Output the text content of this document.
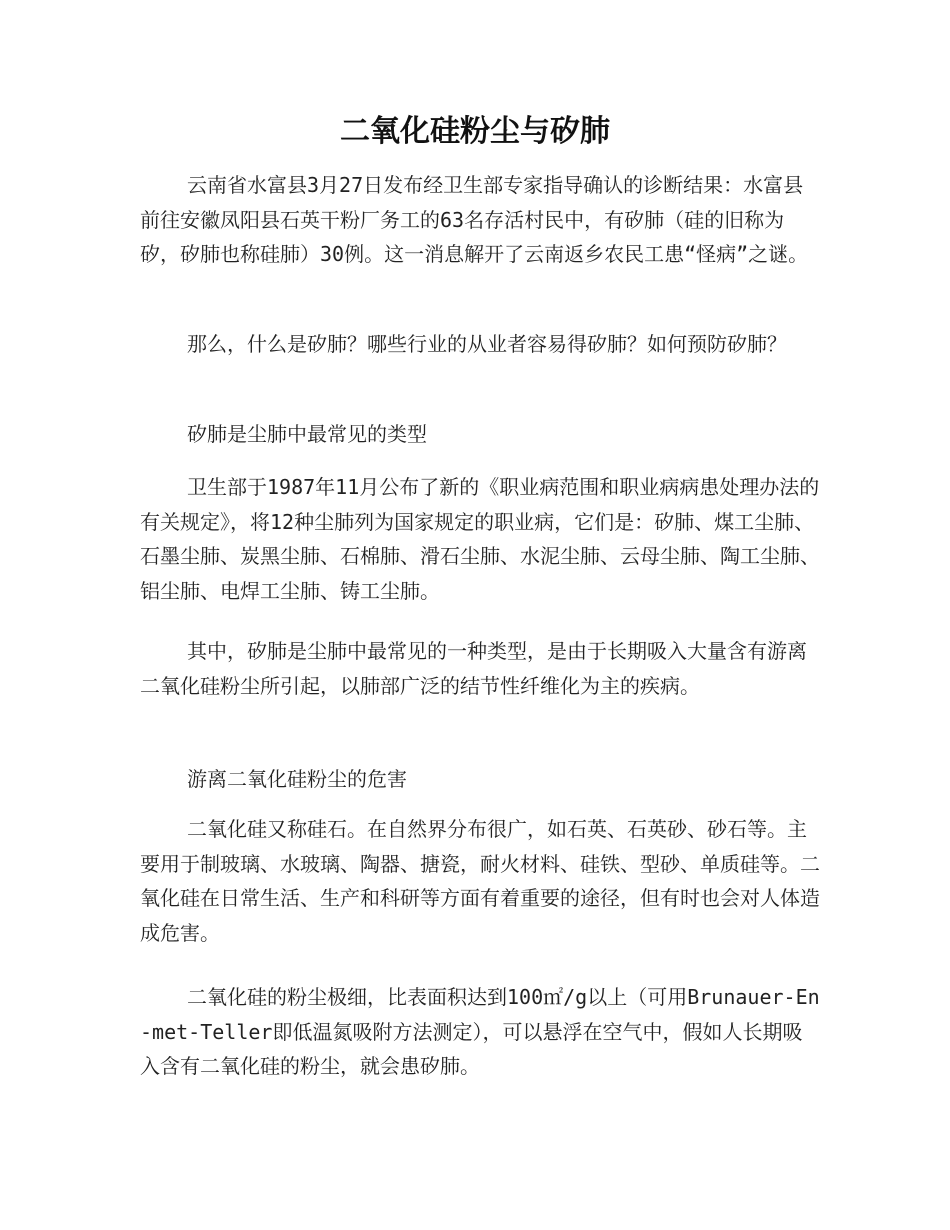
二氧化硅粉尘与矽肺
云南省水富县3月27日发布经卫生部专家指导确认的诊断结果：水富县前往安徽凤阳县石英干粉厂务工的63名存活村民中，有矽肺（硅的旧称为矽，矽肺也称硅肺）30例。这一消息解开了云南返乡农民工患“怪病”之谜。
那么，什么是矽肺？哪些行业的从业者容易得矽肺？如何预防矽肺？
矽肺是尘肺中最常见的类型
卫生部于1987年11月公布了新的《职业病范围和职业病病患处理办法的有关规定》，将12种尘肺列为国家规定的职业病，它们是：矽肺、煤工尘肺、石墨尘肺、炭黑尘肺、石棉肺、滑石尘肺、水泥尘肺、云母尘肺、陶工尘肺、铝尘肺、电焊工尘肺、铸工尘肺。
其中，矽肺是尘肺中最常见的一种类型，是由于长期吸入大量含有游离二氧化硅粉尘所引起，以肺部广泛的结节性纤维化为主的疾病。
游离二氧化硅粉尘的危害
二氧化硅又称硅石。在自然界分布很广，如石英、石英砂、砂石等。主要用于制玻璃、水玻璃、陶器、搪瓷，耐火材料、硅铁、型砂、单质硅等。二氧化硅在日常生活、生产和科研等方面有着重要的途径，但有时也会对人体造成危害。
二氧化硅的粉尘极细，比表面积达到100㎡/g以上（可用Brunauer-En-met-Teller即低温氮吸附方法测定），可以悬浮在空气中，假如人长期吸入含有二氧化硅的粉尘，就会患矽肺。
